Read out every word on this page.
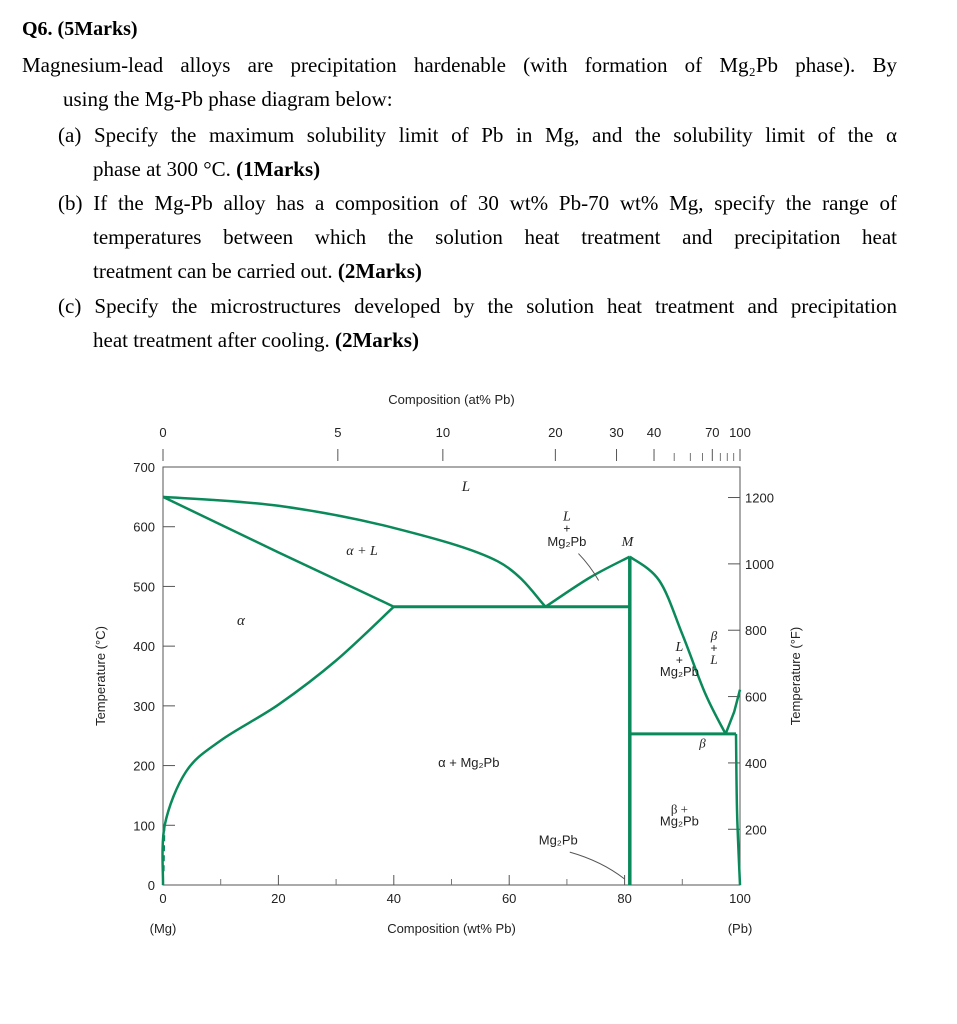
Q6. (5Marks)
Magnesium-lead alloys are precipitation hardenable (with formation of Mg₂Pb phase). By
using the Mg-Pb phase diagram below:
(a) Specify the maximum solubility limit of Pb in Mg, and the solubility limit of the α
phase at 300 °C. (1Marks)
(b) If the Mg-Pb alloy has a composition of 30 wt% Pb-70 wt% Mg, specify the range of
temperatures between which the solution heat treatment and precipitation heat
treatment can be carried out. (2Marks)
(c) Specify the microstructures developed by the solution heat treatment and precipitation
heat treatment after cooling. (2Marks)
0
100
200
300
400
500
600
700
200
400
600
800
1000
1200
0	20	40	60	80	100
0	5	10	20	30 40	70 100
Composition (at% Pb)
Composition (wt% Pb)
(Mg)	(Pb)
Temperature (°C)	Temperature (°F)
L
α + L
α
L
+
Mg₂Pb	M
L
+
Mg₂Pb
β
+
L
α + Mg₂Pb
β
β +
Mg₂Pb
Mg₂Pb
